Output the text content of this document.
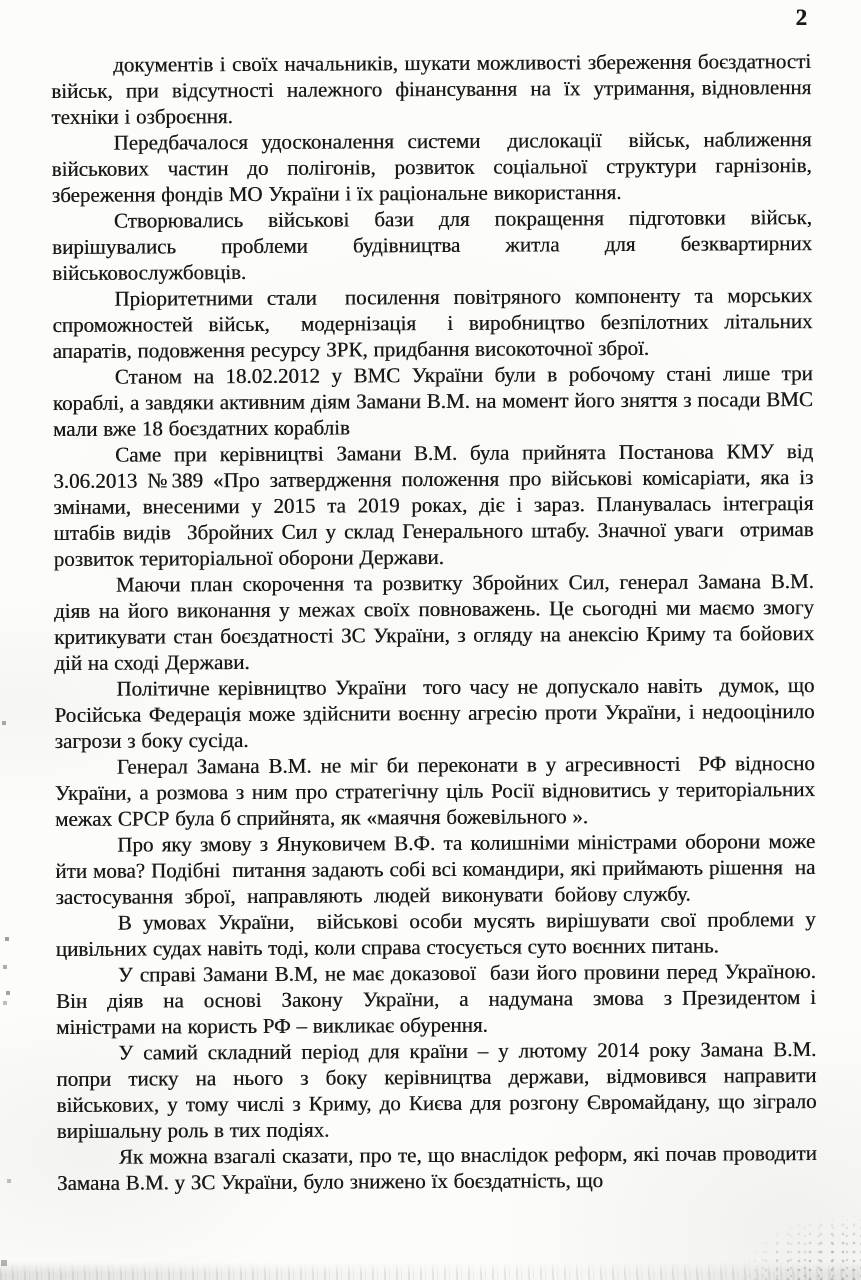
2

документів і своїх начальників, шукати можливості збереження боєздатності військ,  при  відсутності  належного  фінансування  на  їх  утримання, відновлення техніки і озброєння.

Передбачалося удосконалення системи  дислокації  військ, наближення військових частин до полігонів, розвиток соціальної структури гарнізонів, збереження фондів МО України і їх раціональне використання.

Створювались військові бази для покращення підготовки військ, вирішувались  проблеми  будівництва  житла  для  безквартирних військовослужбовців.

Пріоритетними стали  посилення повітряного компоненту та морських спроможностей військ,  модернізація  і виробництво безпілотних літальних апаратів, подовження ресурсу ЗРК, придбання високоточної зброї.

Станом на 18.02.2012 у ВМС України були в робочому стані лише три кораблі, а завдяки активним діям Замани В.М. на момент його зняття з посади ВМС мали вже 18 боєздатних кораблів

Саме при керівництві Замани В.М. була прийнята Постанова КМУ від 3.06.2013 №389 «Про затвердження положення про військові комісаріати, яка із змінами, внесеними у 2015 та 2019 роках, діє і зараз. Планувалась інтеграція штабів видів  Збройних Сил у склад Генерального штабу. Значної уваги  отримав розвиток територіальної оборони Держави.

Маючи план скорочення та розвитку Збройних Сил, генерал Замана В.М. діяв на його виконання у межах своїх повноважень. Це сьогодні ми маємо змогу критикувати стан боєздатності ЗС України, з огляду на анексію Криму та бойових дій на сході Держави.

Політичне керівництво України  того часу не допускало навіть  думок, що Російська Федерація може здійснити воєнну агресію проти України, і недооцінило загрози з боку сусіда.

Генерал Замана В.М. не міг би переконати в у агресивності  РФ відносно України, а розмова з ним про стратегічну ціль Росії відновитись у територіальних межах СРСР була б сприйнята, як «маячня божевільного ».

Про яку змову з Януковичем В.Ф. та колишніми міністрами оборони може йти мова? Подібні  питання задають собі всі командири, які приймають рішення  на  застосування  зброї,  направляють  людей  виконувати  бойову службу.

В умовах України,  військові особи мусять вирішувати свої проблеми у цивільних судах навіть тоді, коли справа стосується суто воєнних питань.

У справі Замани В.М, не має доказової  бази його провини перед Україною.  Він  діяв  на  основі  Закону  України,  а  надумана  змова  з Президентом і міністрами на користь РФ – викликає обурення.

У самий складний період для країни – у лютому 2014 року Замана В.М. попри тиску на нього з боку керівництва держави, відмовився направити військових, у тому числі з Криму, до Києва для розгону Євромайдану, що зіграло вирішальну роль в тих подіях.

Як можна взагалі сказати, про те, що внаслідок реформ, які почав проводити Замана В.М. у ЗС України, було знижено їх боєздатність, що
